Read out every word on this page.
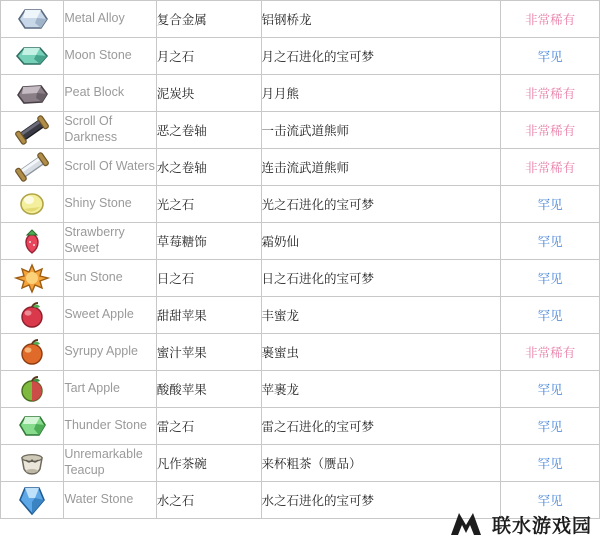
	Metal Alloy	复合金属	铝钢桥龙	非常稀有

	Moon Stone	月之石	月之石进化的宝可梦	罕见

	Peat Block	泥炭块	月月熊	非常稀有

	Scroll Of Darkness	恶之卷轴	一击流武道熊师	非常稀有

	Scroll Of Waters	水之卷轴	连击流武道熊师	非常稀有

	Shiny Stone	光之石	光之石进化的宝可梦	罕见

	Strawberry Sweet	草莓糖饰	霜奶仙	罕见

	Sun Stone	日之石	日之石进化的宝可梦	罕见

	Sweet Apple	甜甜苹果	丰蜜龙	罕见

	Syrupy Apple	蜜汁苹果	裹蜜虫	非常稀有

	Tart Apple	酸酸苹果	苹裹龙	罕见

	Thunder Stone	雷之石	雷之石进化的宝可梦	罕见

	Unremarkable Teacup	凡作茶碗	来杯粗茶（赝品）	罕见

	Water Stone	水之石	水之石进化的宝可梦	罕见
联水游戏园
